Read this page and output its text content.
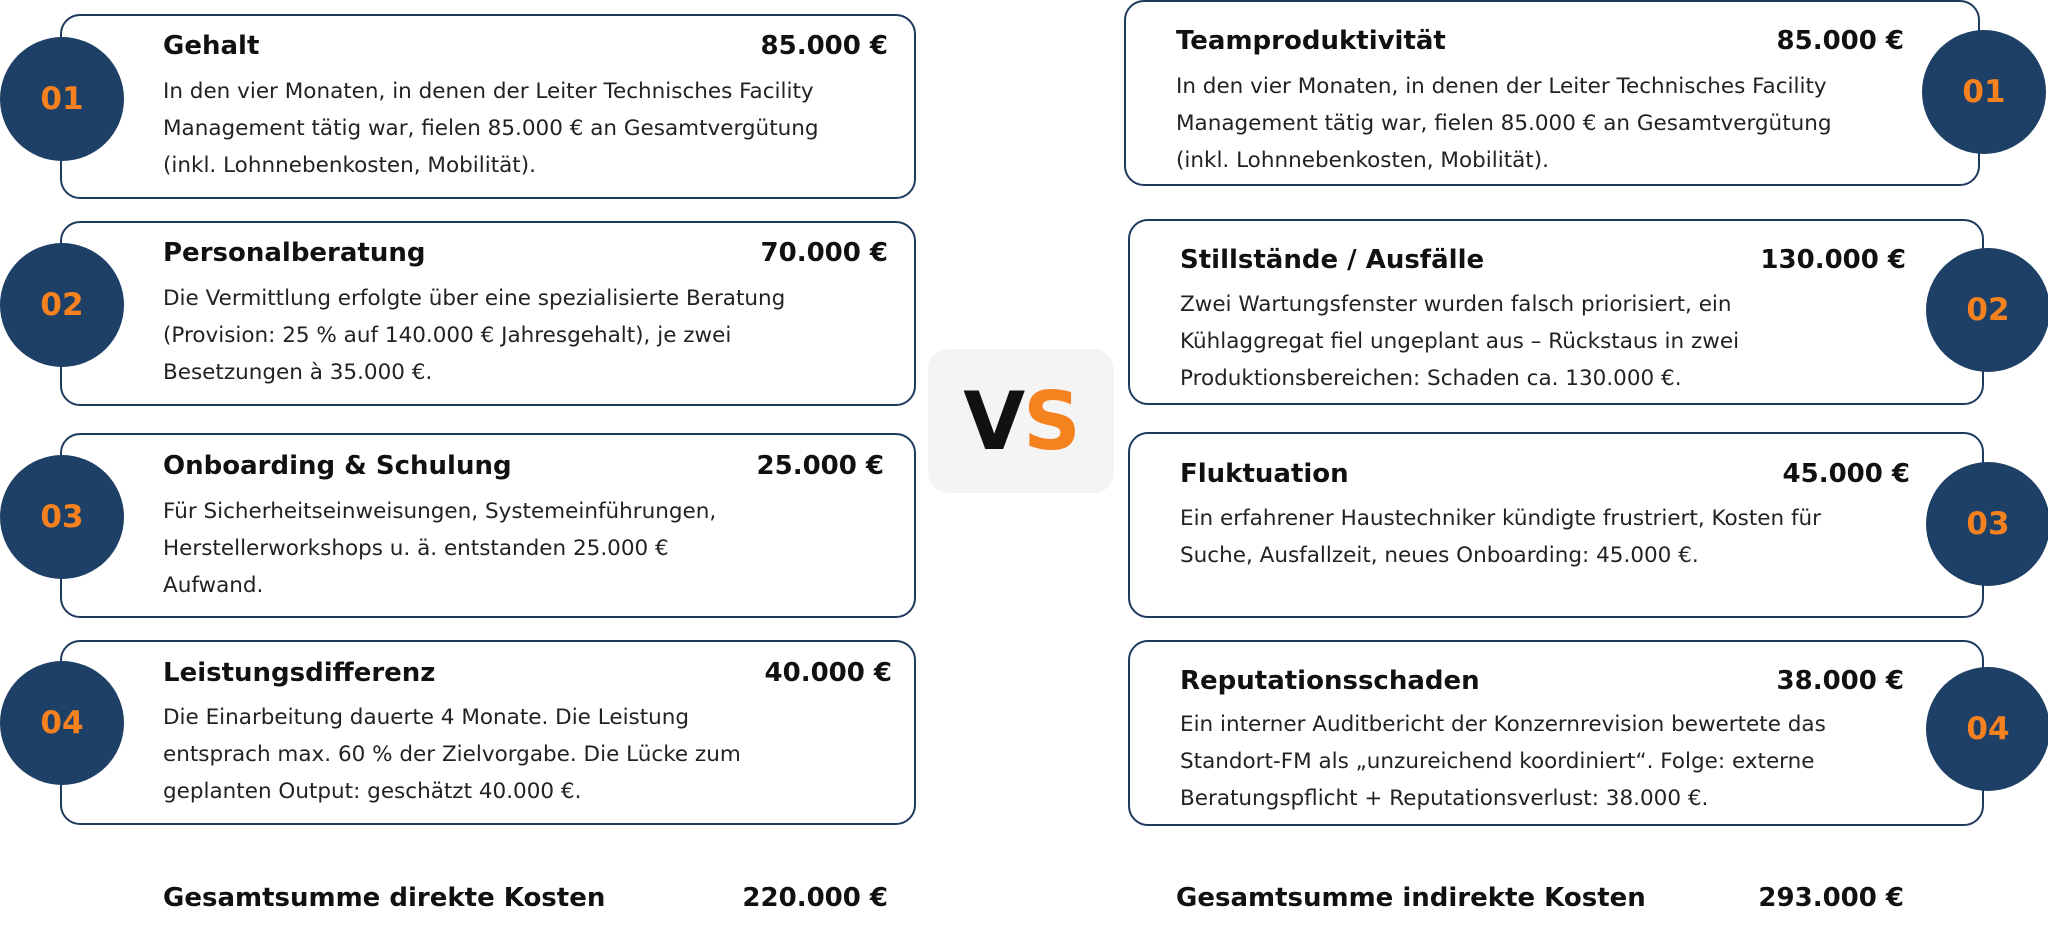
01
Gehalt	85.000 €
In den vier Monaten, in denen der Leiter Technisches Facility
Management tätig war, fielen 85.000 € an Gesamtvergütung
(inkl. Lohnnebenkosten, Mobilität).
02
Personalberatung	70.000 €
Die Vermittlung erfolgte über eine spezialisierte Beratung
(Provision: 25 % auf 140.000 € Jahresgehalt), je zwei
Besetzungen à 35.000 €.
03
Onboarding & Schulung	25.000 €
Für Sicherheitseinweisungen, Systemeinführungen,
Herstellerworkshops u. ä. entstanden 25.000 €
Aufwand.
04
Leistungsdifferenz	40.000 €
Die Einarbeitung dauerte 4 Monate. Die Leistung
entsprach max. 60 % der Zielvorgabe. Die Lücke zum
geplanten Output: geschätzt 40.000 €.
Gesamtsumme direkte Kosten	220.000 €
V S
01
Teamproduktivität	85.000 €
In den vier Monaten, in denen der Leiter Technisches Facility
Management tätig war, fielen 85.000 € an Gesamtvergütung
(inkl. Lohnnebenkosten, Mobilität).
02
Stillstände / Ausfälle	130.000 €
Zwei Wartungsfenster wurden falsch priorisiert, ein
Kühlaggregat fiel ungeplant aus – Rückstaus in zwei
Produktionsbereichen: Schaden ca. 130.000 €.
03
Fluktuation	45.000 €
Ein erfahrener Haustechniker kündigte frustriert, Kosten für
Suche, Ausfallzeit, neues Onboarding: 45.000 €.
04
Reputationsschaden	38.000 €
Ein interner Auditbericht der Konzernrevision bewertete das
Standort-FM als „unzureichend koordiniert“. Folge: externe
Beratungspflicht + Reputationsverlust: 38.000 €.
Gesamtsumme indirekte Kosten	293.000 €
